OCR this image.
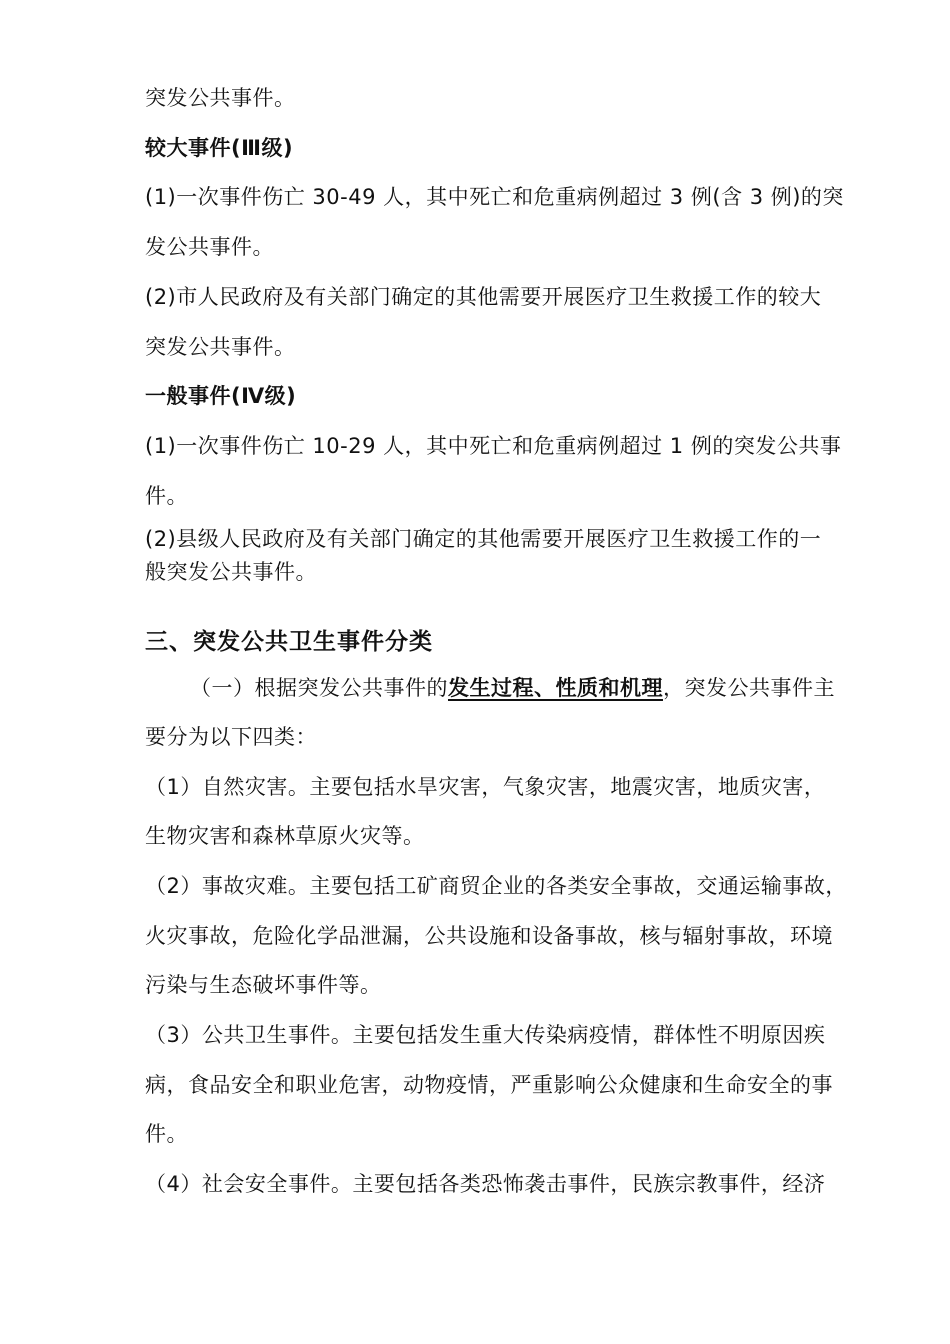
突发公共事件。
较大事件(Ⅲ级)
(1)一次事件伤亡 30-49 人，其中死亡和危重病例超过 3 例(含 3 例)的突
发公共事件。
(2)市人民政府及有关部门确定的其他需要开展医疗卫生救援工作的较大
突发公共事件。
一般事件(Ⅳ级)
(1)一次事件伤亡 10-29 人，其中死亡和危重病例超过 1 例的突发公共事
件。
(2)县级人民政府及有关部门确定的其他需要开展医疗卫生救援工作的一
般突发公共事件。
三、突发公共卫生事件分类
（一）根据突发公共事件的发生过程、性质和机理，突发公共事件主
要分为以下四类：
（1）自然灾害。主要包括水旱灾害，气象灾害，地震灾害，地质灾害，
生物灾害和森林草原火灾等。
（2）事故灾难。主要包括工矿商贸企业的各类安全事故，交通运输事故，
火灾事故，危险化学品泄漏，公共设施和设备事故，核与辐射事故，环境
污染与生态破坏事件等。
（3）公共卫生事件。主要包括发生重大传染病疫情，群体性不明原因疾
病，食品安全和职业危害，动物疫情，严重影响公众健康和生命安全的事
件。
（4）社会安全事件。主要包括各类恐怖袭击事件，民族宗教事件，经济
